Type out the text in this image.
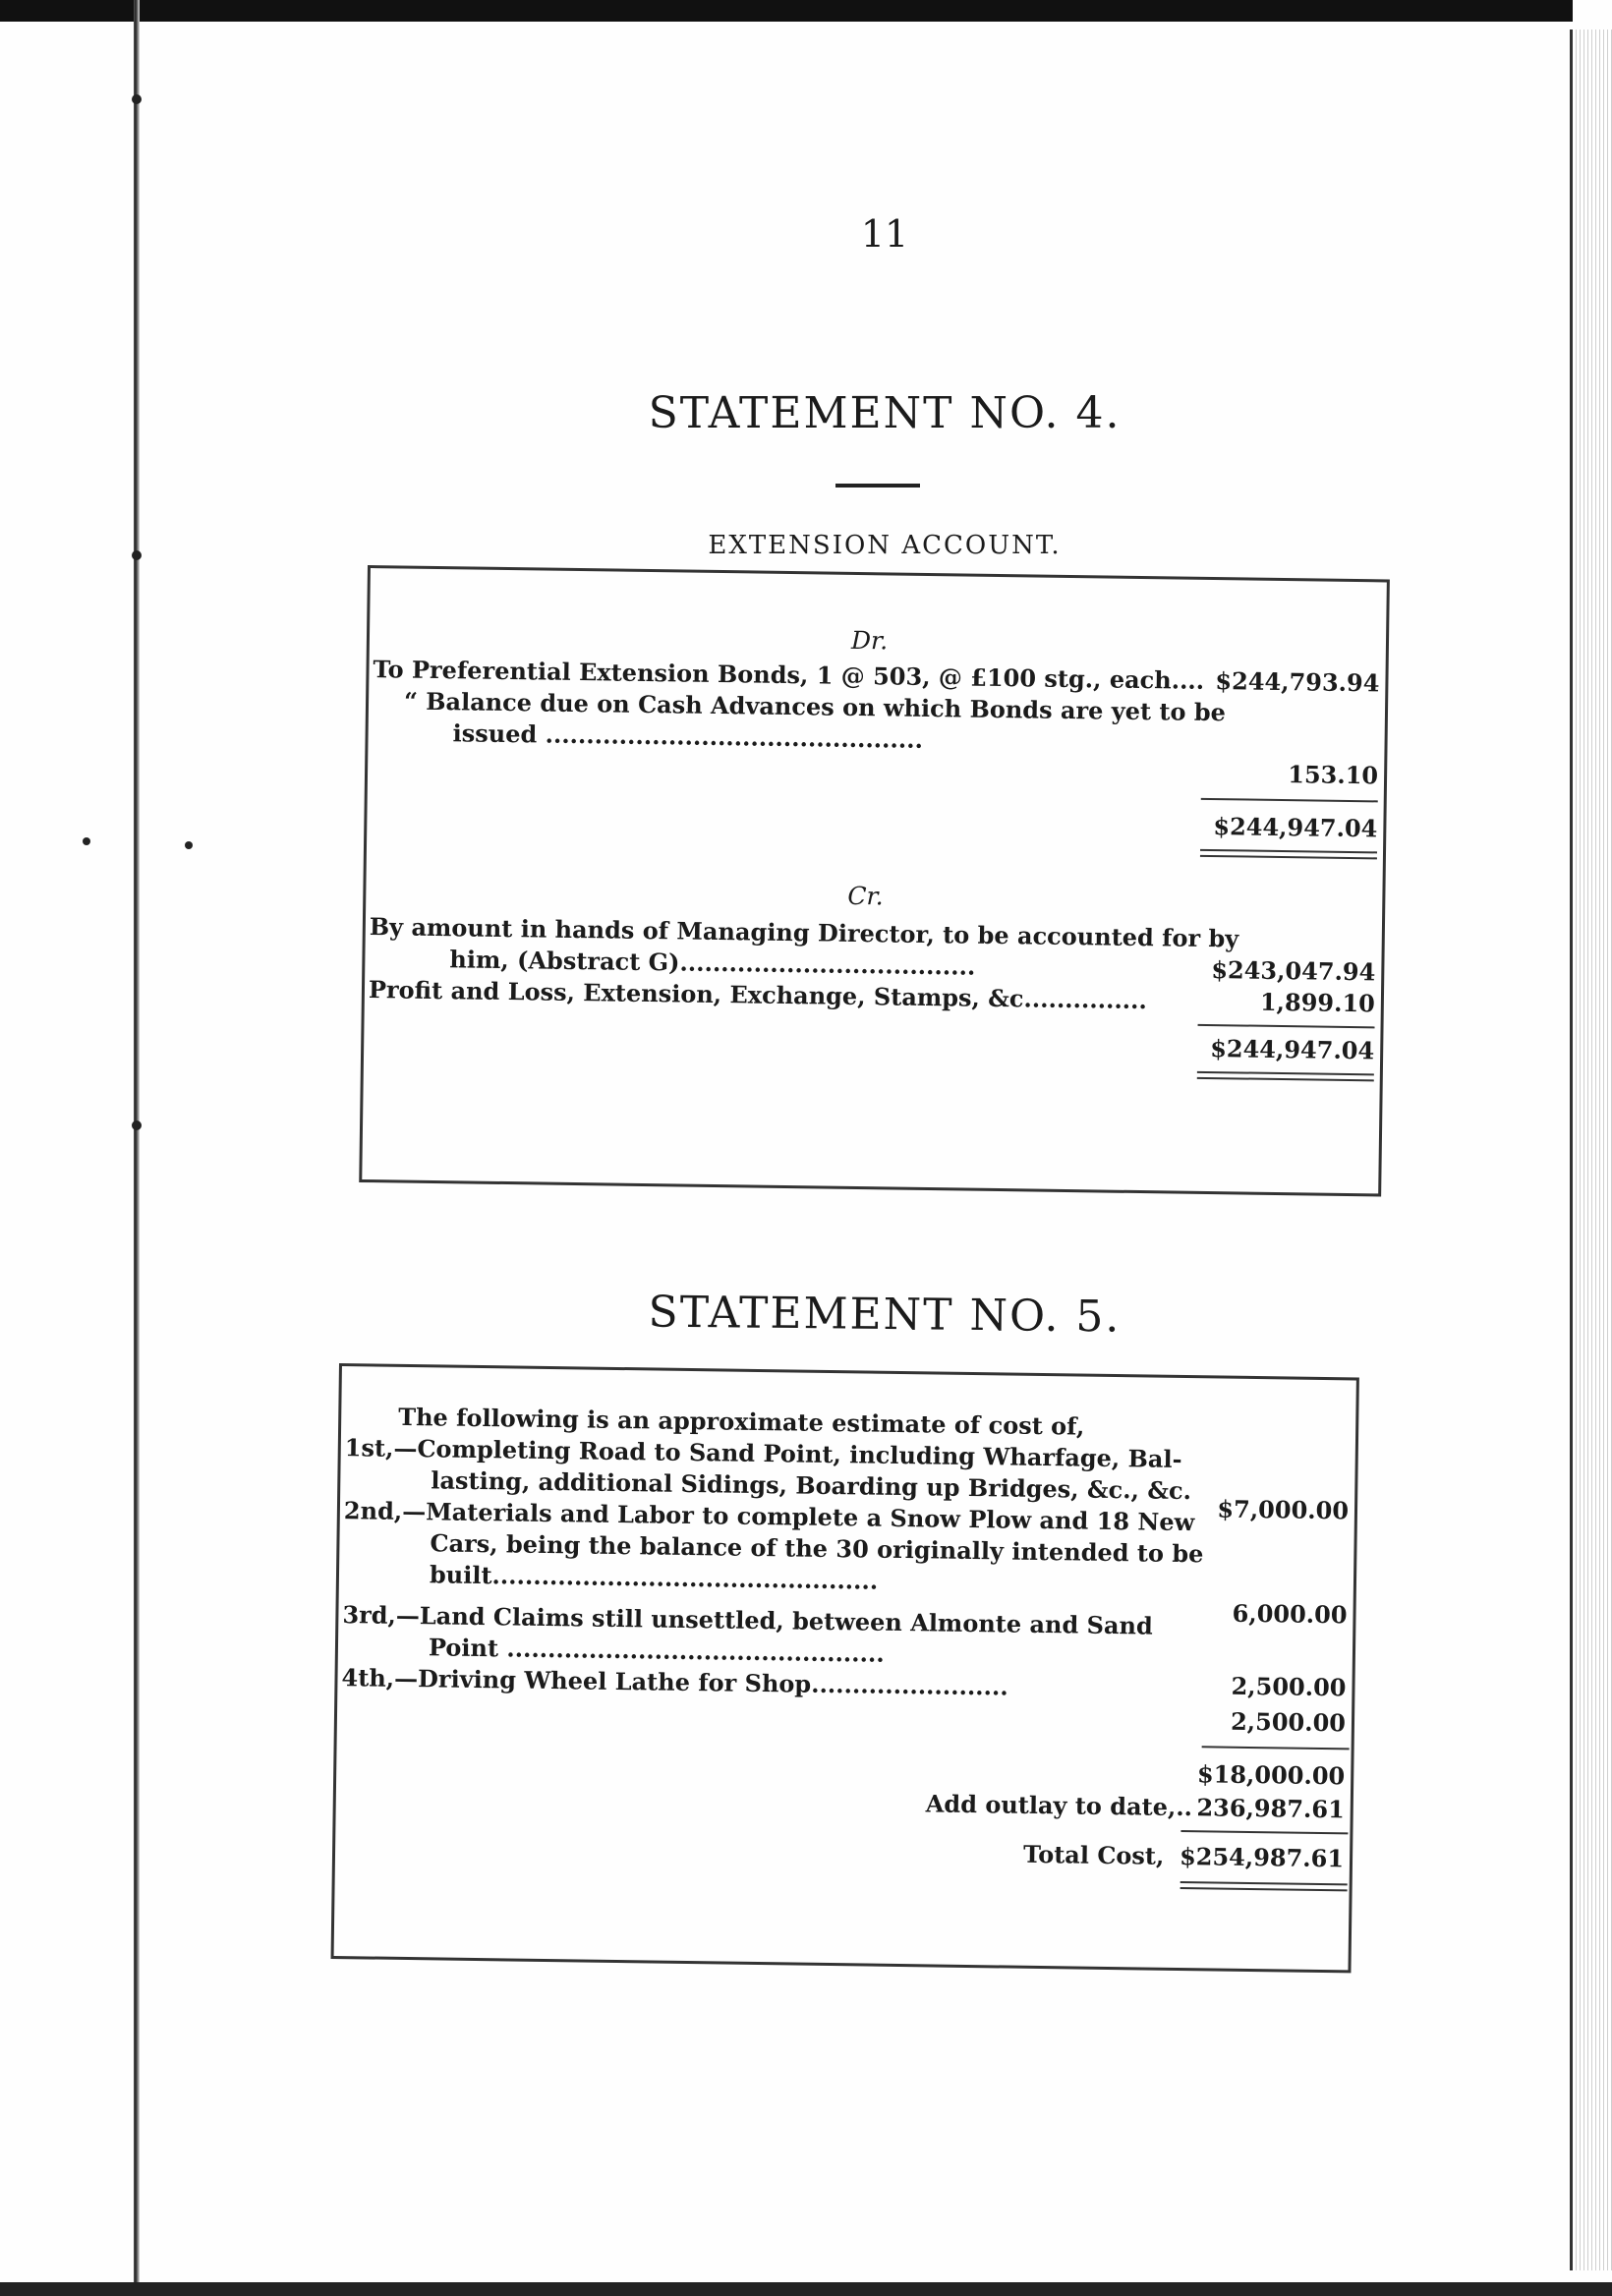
11
STATEMENT NO. 4.
EXTENSION ACCOUNT.
Dr.
To Preferential Extension Bonds, 1 @ 503, @ £100 stg., each.... $244,793.94
“ Balance due on Cash Advances on which Bonds are yet to be
issued ..............................................
153.10
$244,947.04
Cr.
By amount in hands of Managing Director, to be accounted for by
him, (Abstract G)....................................	$243,047.94
Profit and Loss, Extension, Exchange, Stamps, &c...............	1,899.10
$244,947.04
STATEMENT NO. 5.
The following is an approximate estimate of cost of,
1st,—Completing Road to Sand Point, including Wharfage, Bal-
lasting, additional Sidings, Boarding up Bridges, &c., &c.
$7,000.00
2nd,—Materials and Labor to complete a Snow Plow and 18 New
Cars, being the balance of the 30 originally intended to be
built...............................................
6,000.00
3rd,—Land Claims still unsettled, between Almonte and Sand
Point ..............................................
2,500.00
4th,—Driving Wheel Lathe for Shop........................
2,500.00
$18,000.00
Add outlay to date,.. 236,987.61
Total Cost, $254,987.61
